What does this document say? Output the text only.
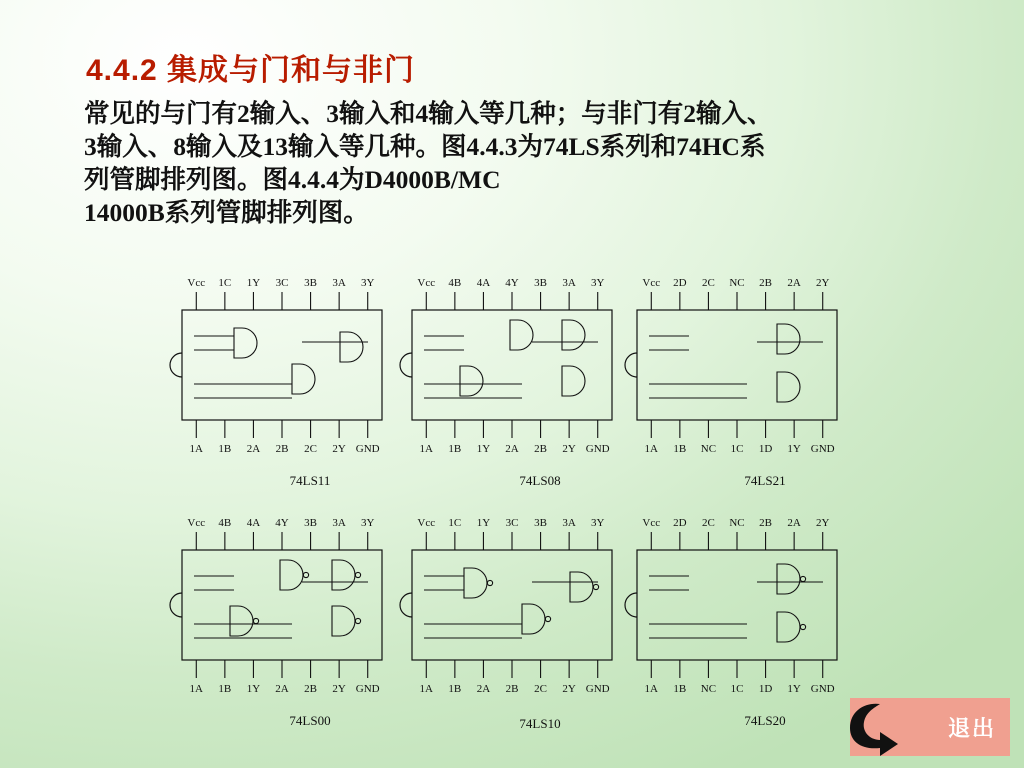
4.4.2 集成与门和与非门
常见的与门有2输入、3输入和4输入等几种；与非门有2输入、
3输入、8输入及13输入等几种。图4.4.3为74LS系列和74HC系
列管脚排列图。图4.4.4为D4000B/MC
14000B系列管脚排列图。
Vcc
1A
1C
1B
1Y
2A
3C
2B
3B
2C
3A
2Y
3Y
GND
74LS11
Vcc
1A
4B
1B
4A
1Y
4Y
2A
3B
2B
3A
2Y
3Y
GND
74LS08
Vcc
1A
2D
1B
2C
NC
NC
1C
2B
1D
2A
1Y
2Y
GND
74LS21
Vcc
1A
4B
1B
4A
1Y
4Y
2A
3B
2B
3A
2Y
3Y
GND
74LS00
Vcc
1A
1C
1B
1Y
2A
3C
2B
3B
2C
3A
2Y
3Y
GND
74LS10
Vcc
1A
2D
1B
2C
NC
NC
1C
2B
1D
2A
1Y
2Y
GND
74LS20	退出
